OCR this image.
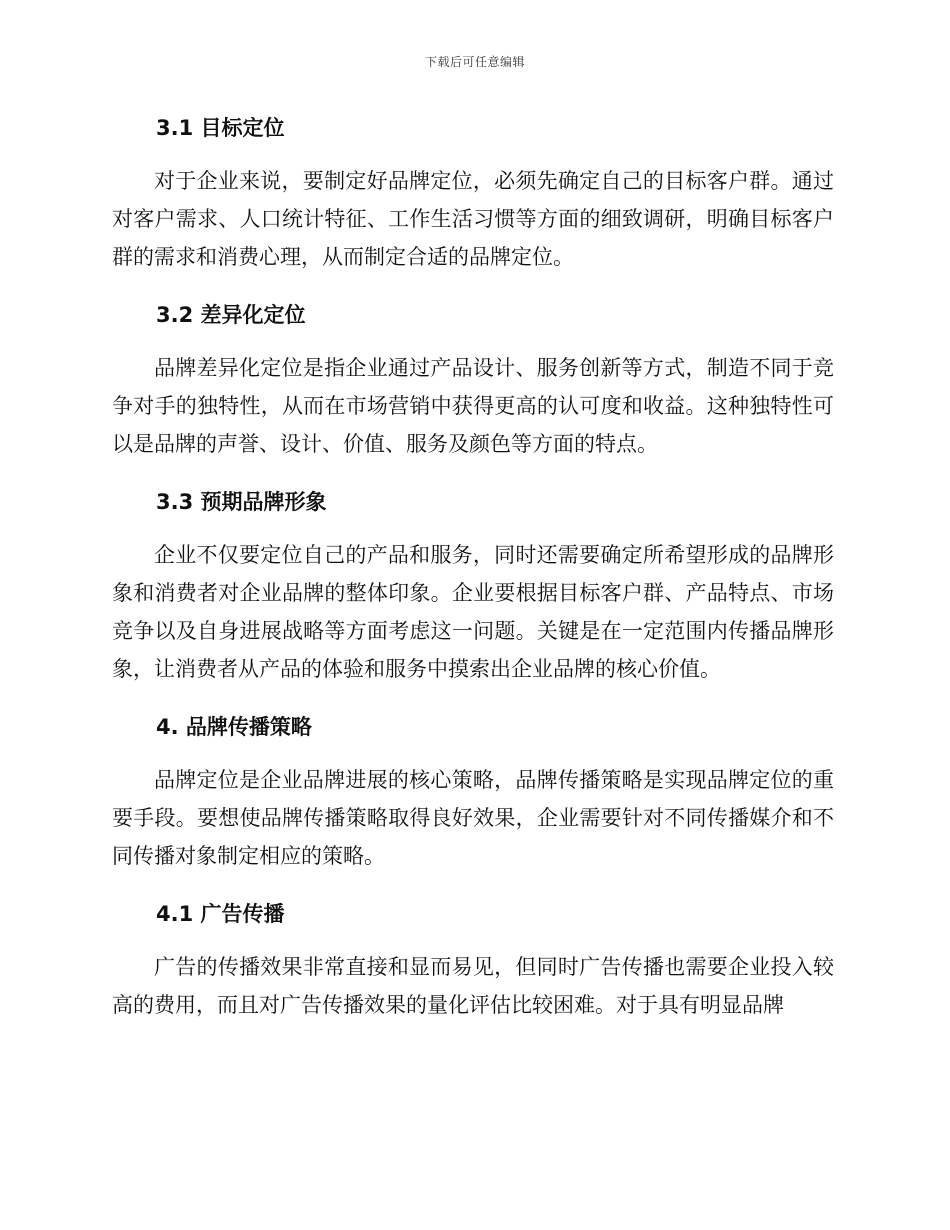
下载后可任意编辑
3.1 目标定位

对于企业来说，要制定好品牌定位，必须先确定自己的目标客户群。通过对客户需求、人口统计特征、工作生活习惯等方面的细致调研，明确目标客户群的需求和消费心理，从而制定合适的品牌定位。

3.2 差异化定位

品牌差异化定位是指企业通过产品设计、服务创新等方式，制造不同于竞争对手的独特性，从而在市场营销中获得更高的认可度和收益。这种独特性可以是品牌的声誉、设计、价值、服务及颜色等方面的特点。

3.3 预期品牌形象

企业不仅要定位自己的产品和服务，同时还需要确定所希望形成的品牌形象和消费者对企业品牌的整体印象。企业要根据目标客户群、产品特点、市场竞争以及自身进展战略等方面考虑这一问题。关键是在一定范围内传播品牌形象，让消费者从产品的体验和服务中摸索出企业品牌的核心价值。

4. 品牌传播策略

品牌定位是企业品牌进展的核心策略，品牌传播策略是实现品牌定位的重要手段。要想使品牌传播策略取得良好效果，企业需要针对不同传播媒介和不同传播对象制定相应的策略。

4.1 广告传播

广告的传播效果非常直接和显而易见，但同时广告传播也需要企业投入较高的费用，而且对广告传播效果的量化评估比较困难。对于具有明显品牌
